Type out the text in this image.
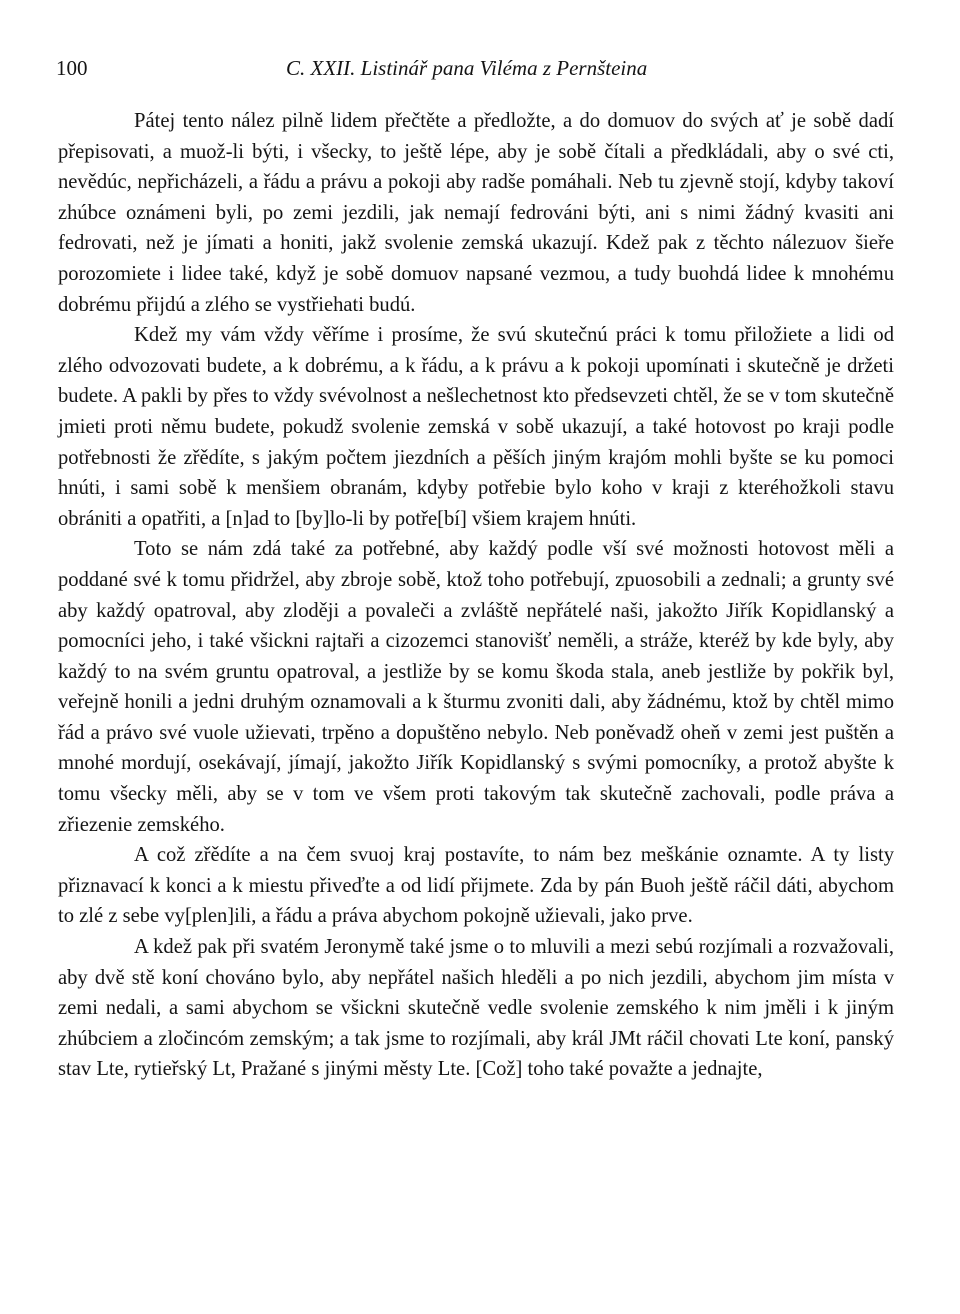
100	C. XXII. Listinář pana Viléma z Pernšteina

Pátej tento nález pilně lidem přečtěte a předložte, a do domuov do svých ať je sobě dadí přepisovati, a muož-li býti, i všecky, to ještě lépe, aby je sobě čítali a předkládali, aby o své cti, nevědúc, nepřicházeli, a řádu a právu a pokoji aby radše pomáhali. Neb tu zjevně stojí, kdyby takoví zhúbce oznámeni byli, po zemi jezdili, jak nemají fedrováni býti, ani s nimi žádný kvasiti ani fedrovati, než je jímati a honiti, jakž svolenie zemská ukazují. Kdež pak z těchto nálezuov šieře porozomiete i lidee také, když je sobě domuov napsané vezmou, a tudy buohdá lidee k mnohému dobrému přijdú a zlého se vystřiehati budú.

Kdež my vám vždy věříme i prosíme, že svú skutečnú práci k tomu přiložiete a lidi od zlého odvozovati budete, a k dobrému, a k řádu, a k právu a k pokoji upomínati i skutečně je držeti budete. A pakli by přes to vždy svévolnost a nešlechetnost kto předsevzeti chtěl, že se v tom skutečně jmieti proti němu budete, pokudž svolenie zemská v sobě ukazují, a také hotovost po kraji podle potřebnosti že zřědíte, s jakým počtem jiezdních a pěších jiným krajóm mohli byšte se ku pomoci hnúti, i sami sobě k menšiem obranám, kdyby potřebie bylo koho v kraji z kteréhožkoli stavu obrániti a opatřiti, a [n]ad to [by]lo-li by potře[bí] všiem krajem hnúti.

Toto se nám zdá také za potřebné, aby každý podle vší své možnosti hotovost měli a poddané své k tomu přidržel, aby zbroje sobě, ktož toho potřebují, zpuosobili a zednali; a grunty své aby každý opatroval, aby zloději a povaleči a zvláště nepřátelé naši, jakožto Jiřík Kopidlanský a pomocníci jeho, i také všickni rajtaři a cizozemci stanovišť neměli, a stráže, kteréž by kde byly, aby každý to na svém gruntu opatroval, a jestliže by se komu škoda stala, aneb jestliže by pokřik byl, veřejně honili a jedni druhým oznamovali a k šturmu zvoniti dali, aby žádnému, ktož by chtěl mimo řád a právo své vuole užievati, trpěno a dopuštěno nebylo. Neb poněvadž oheň v zemi jest puštěn a mnohé mordují, osekávají, jímají, jakožto Jiřík Kopidlanský s svými pomocníky, a protož abyšte k tomu všecky měli, aby se v tom ve všem proti takovým tak skutečně zachovali, podle práva a zřiezenie zemského.

A což zřědíte a na čem svuoj kraj postavíte, to nám bez meškánie oznamte. A ty listy přiznavací k konci a k miestu přiveďte a od lidí přijmete. Zda by pán Buoh ještě ráčil dáti, abychom to zlé z sebe vy[plen]ili, a řádu a práva abychom pokojně užievali, jako prve.

A kdež pak při svatém Jeronymě také jsme o to mluvili a mezi sebú rozjímali a rozvažovali, aby dvě stě koní chováno bylo, aby nepřátel našich hleděli a po nich jezdili, abychom jim místa v zemi nedali, a sami abychom se všickni skutečně vedle svolenie zemského k nim jměli i k jiným zhúbciem a zločincóm zemským; a tak jsme to rozjímali, aby král JMt ráčil chovati Lte koní, panský stav Lte, rytieřský Lt, Pražané s jinými městy Lte. [Což] toho také považte a jednajte,
